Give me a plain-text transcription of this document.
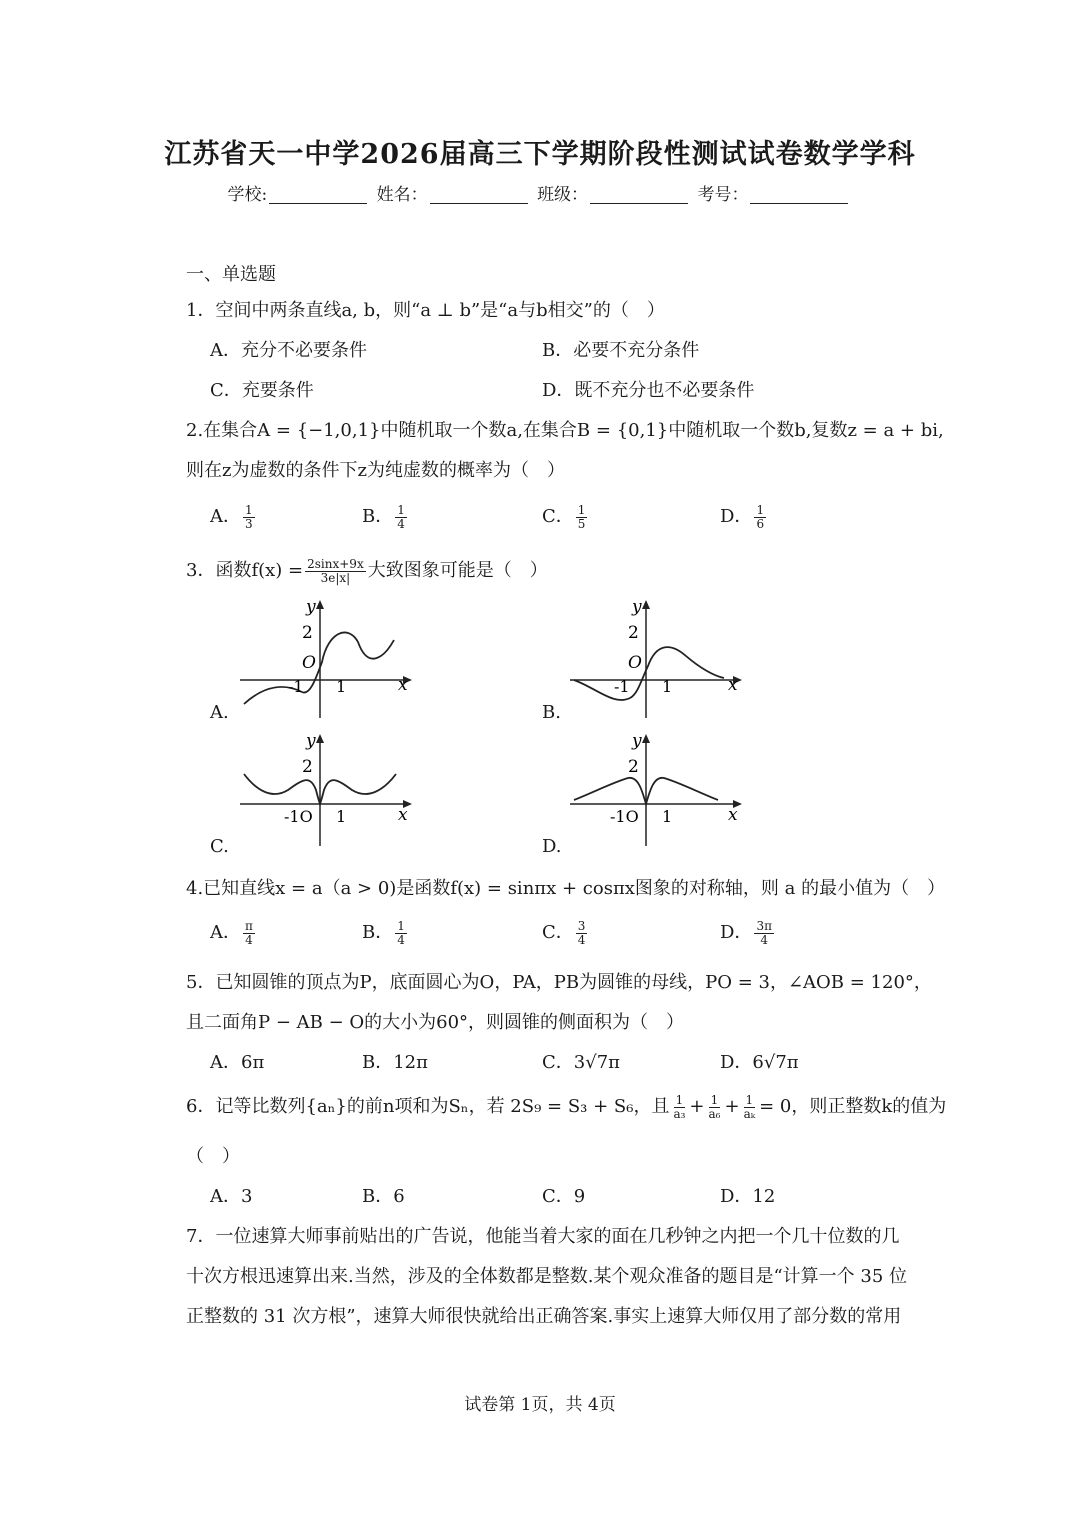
江苏省天一中学2026届高三下学期阶段性测试试卷数学学科
学校:	姓名：	班级：	考号：
一、单选题
1．空间中两条直线a, b，则“a ⊥ b”是“a与b相交”的（　）
A．充分不必要条件	B．必要不充分条件
C．充要条件	D．既不充分也不必要条件
2.在集合A = {−1,0,1}中随机取一个数a,在集合B = {0,1}中随机取一个数b,复数z = a + bi,
则在z为虚数的条件下z为纯虚数的概率为（　）
A． $\frac{1}{3}$	B． $\frac{1}{4}$	C． $\frac{1}{5}$	D． $\frac{1}{6}$
3．函数$f(x) = \frac{2\sin x+9x}{3e|x|}$ 大致图象可能是（　）
y
2
O
-1 1	x
A.
y
2
O
-1 1	x
B.
y
2
-1O 1	x
C.
y
2
-1O 1	x
D.
4.已知直线x = a（a > 0)是函数f(x) = sinπx + cosπx图象的对称轴，则 a 的最小值为（　）
A． $\frac{\pi}{4}$	B． $\frac{1}{4}$	C． $\frac{3}{4}$	D． $\frac{3\pi}{4}$
5．已知圆锥的顶点为P，底面圆心为O，PA，PB为圆锥的母线，PO = 3，∠AOB = 120°，
且二面角P − AB − O的大小为60°，则圆锥的侧面积为（　）
A．6π	B．12π	C．3√7π	D．6√7π
6．记等比数列{aₙ}的前n项和为Sₙ，若 2S₉ = S₃ + S₆，且 $\frac{1}{\text{a₃}} + \frac{1}{\text{a₆}} + \frac{1}{\text{aₖ}} = 0$，则正整数k的值为
（　）
A．3	B．6	C．9	D．12
7．一位速算大师事前贴出的广告说，他能当着大家的面在几秒钟之内把一个几十位数的几
十次方根迅速算出来.当然，涉及的全体数都是整数.某个观众准备的题目是“计算一个 35 位
正整数的 31 次方根”，速算大师很快就给出正确答案.事实上速算大师仅用了部分数的常用
试卷第 1页，共 4页
